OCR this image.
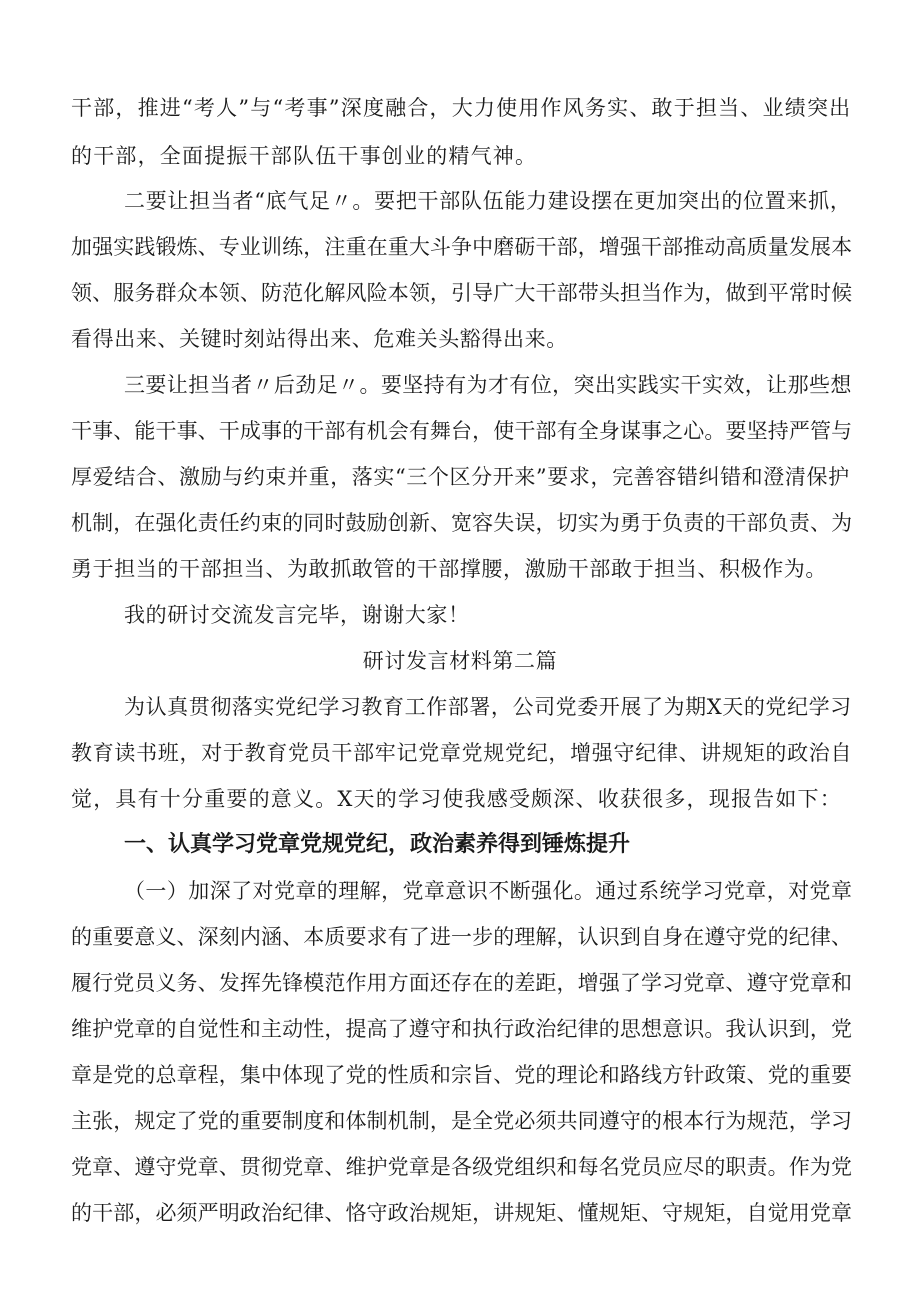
干部，推进“考人”与“考事”深度融合，大力使用作风务实、敢于担当、业绩突出
的干部，全面提振干部队伍干事创业的精气神。
二要让担当者“底气足〃。要把干部队伍能力建设摆在更加突出的位置来抓，
加强实践锻炼、专业训练，注重在重大斗争中磨砺干部，增强干部推动高质量发展本
领、服务群众本领、防范化解风险本领，引导广大干部带头担当作为，做到平常时候
看得出来、关键时刻站得出来、危难关头豁得出来。
三要让担当者〃后劲足〃。要坚持有为才有位，突出实践实干实效，让那些想
干事、能干事、干成事的干部有机会有舞台，使干部有全身谋事之心。要坚持严管与
厚爱结合、激励与约束并重，落实“三个区分开来”要求，完善容错纠错和澄清保护
机制，在强化责任约束的同时鼓励创新、宽容失误，切实为勇于负责的干部负责、为
勇于担当的干部担当、为敢抓敢管的干部撑腰，激励干部敢于担当、积极作为。
我的研讨交流发言完毕，谢谢大家！
研讨发言材料第二篇
为认真贯彻落实党纪学习教育工作部署，公司党委开展了为期X天的党纪学习
教育读书班，对于教育党员干部牢记党章党规党纪，增强守纪律、讲规矩的政治自
觉，具有十分重要的意义。X天的学习使我感受颇深、收获很多，现报告如下：
一、认真学习党章党规党纪，政治素养得到锤炼提升
（一）加深了对党章的理解，党章意识不断强化。通过系统学习党章，对党章
的重要意义、深刻内涵、本质要求有了进一步的理解，认识到自身在遵守党的纪律、
履行党员义务、发挥先锋模范作用方面还存在的差距，增强了学习党章、遵守党章和
维护党章的自觉性和主动性，提高了遵守和执行政治纪律的思想意识。我认识到，党
章是党的总章程，集中体现了党的性质和宗旨、党的理论和路线方针政策、党的重要
主张，规定了党的重要制度和体制机制，是全党必须共同遵守的根本行为规范，学习
党章、遵守党章、贯彻党章、维护党章是各级党组织和每名党员应尽的职责。作为党
的干部，必须严明政治纪律、恪守政治规矩，讲规矩、懂规矩、守规矩，自觉用党章
